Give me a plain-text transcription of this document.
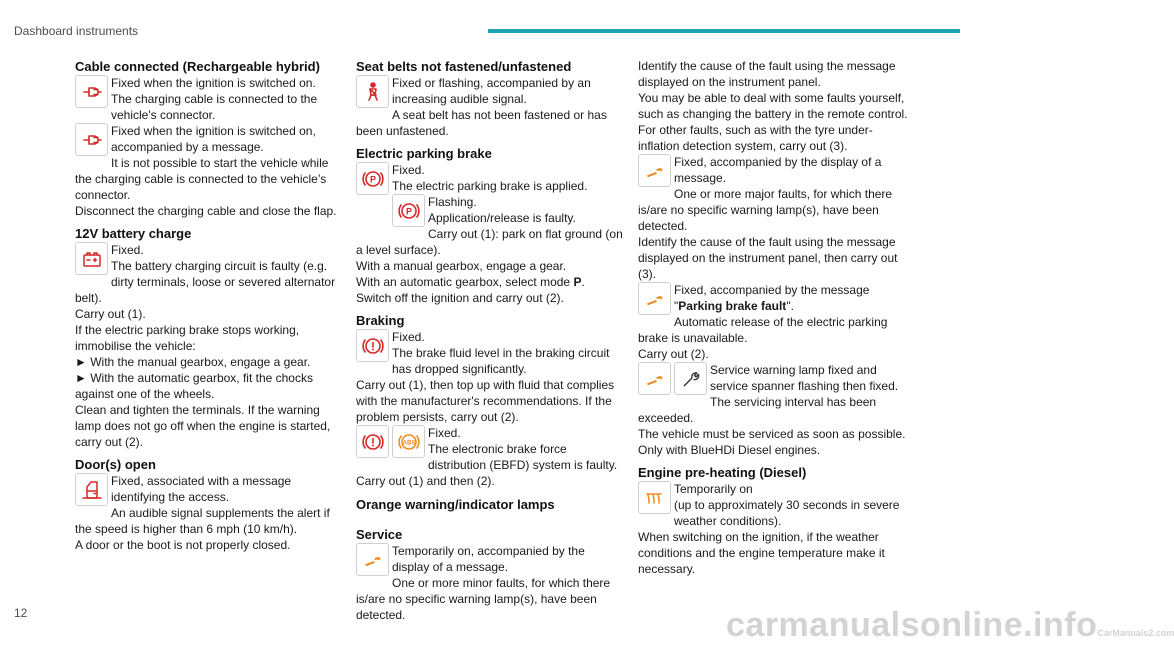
Dashboard instruments
Cable connected (Rechargeable hybrid)

Fixed when the ignition is switched on.

The charging cable is connected to the vehicle's connector.

Fixed when the ignition is switched on, accompanied by a message.

It is not possible to start the vehicle while the charging cable is connected to the vehicle’s connector.

Disconnect the charging cable and close the flap.

12V battery charge

Fixed.

The battery charging circuit is faulty (e.g. dirty terminals, loose or severed alternator belt).

Carry out (1).

If the electric parking brake stops working, immobilise the vehicle:

► With the manual gearbox, engage a gear.

► With the automatic gearbox, fit the chocks against one of the wheels.

Clean and tighten the terminals. If the warning lamp does not go off when the engine is started, carry out (2).

Door(s) open

Fixed, associated with a message identifying the access.

An audible signal supplements the alert if the speed is higher than 6 mph (10 km/h).

A door or the boot is not properly closed.

Seat belts not fastened/unfastened

Fixed or flashing, accompanied by an increasing audible signal.

A seat belt has not been fastened or has been unfastened.

Electric parking brake
P

Fixed.

The electric parking brake is applied.

P

Flashing.

Application/release is faulty.

Carry out (1): park on flat ground (on a level surface).

With a manual gearbox, engage a gear.

With an automatic gearbox, select mode P.

Switch off the ignition and carry out (2).

Braking

Fixed.

The brake fluid level in the braking circuit has dropped significantly.

Carry out (1), then top up with fluid that complies with the manufacturer's recommendations. If the problem persists, carry out (2).

ABS

Fixed.

The electronic brake force distribution (EBFD) system is faulty.

Carry out (1) and then (2).

Orange warning/indicator lamps
Service

Temporarily on, accompanied by the display of a message.

One or more minor faults, for which there is/are no specific warning lamp(s), have been detected.

Identify the cause of the fault using the message displayed on the instrument panel.

You may be able to deal with some faults yourself, such as changing the battery in the remote control.

For other faults, such as with the tyre under-inflation detection system, carry out (3).

Fixed, accompanied by the display of a message.

One or more major faults, for which there is/are no specific warning lamp(s), have been detected.

Identify the cause of the fault using the message displayed on the instrument panel, then carry out (3).

Fixed, accompanied by the message "Parking brake fault".

Automatic release of the electric parking brake is unavailable.

Carry out (2).

Service warning lamp fixed and service spanner flashing then fixed.

The servicing interval has been exceeded.

The vehicle must be serviced as soon as possible.

Only with BlueHDi Diesel engines.

Engine pre-heating (Diesel)

Temporarily on

(up to approximately 30 seconds in severe weather conditions).

When switching on the ignition, if the weather conditions and the engine temperature make it necessary.

12	carmanualsonline.infoCarManuals2.com
